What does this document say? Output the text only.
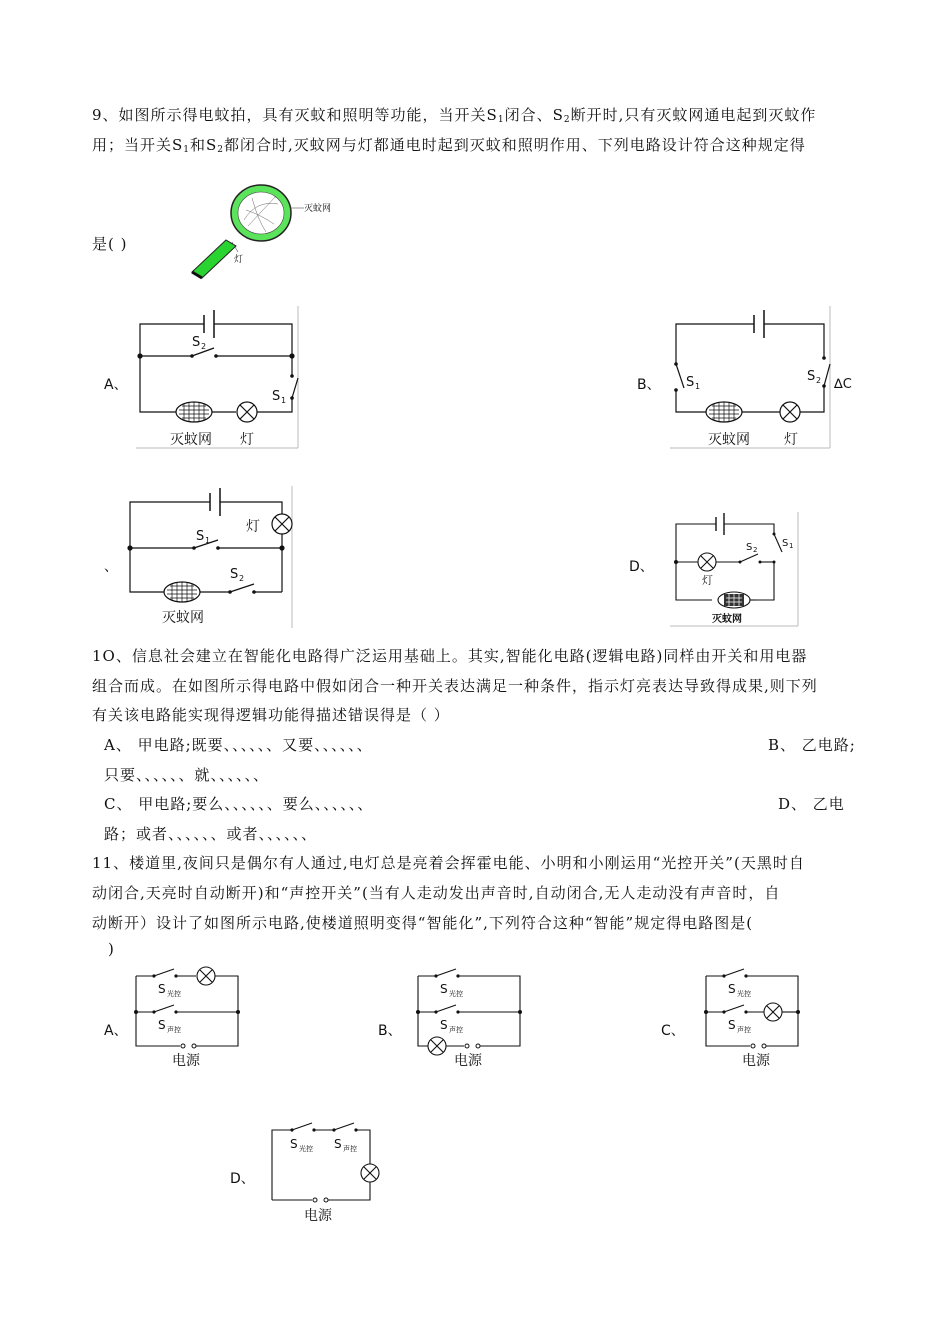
9、如图所示得电蚊拍，具有灭蚊和照明等功能，当开关$S_1$闭合、$S_2$断开时,只有灭蚊网通电起到灭蚊作
用；当开关$S_1$和$S_2$都闭合时,灭蚊网与灯都通电时起到灭蚊和照明作用、下列电路设计符合这种规定得
是( )
灭蚊网
灯
A、
S 2
S 1
灭蚊网 灯
B、 S 1
S 2 ∆C
灭蚊网 灯
、
灯
S 1
S 2
灭蚊网
D、
S 1
灯
S 2
灭蚊网
1O、信息社会建立在智能化电路得广泛运用基础上。其实,智能化电路(逻辑电路)同样由开关和用电器
组合而成。在如图所示得电路中假如闭合一种开关表达满足一种条件，指示灯亮表达导致得成果,则下列
有关该电路能实现得逻辑功能得描述错误得是（ ）
A、 甲电路;既要、、、、、、又要、、、、、、	B、 乙电路;
只要、、、、、、就、、、、、、
C、 甲电路;要么、、、、、、要么、、、、、、	D、 乙电
路；或者、、、、、、或者、、、、、、
11、楼道里,夜间只是偶尔有人通过,电灯总是亮着会挥霍电能、小明和小刚运用“光控开关”(天黑时自
动闭合,天亮时自动断开)和“声控开关”(当有人走动发出声音时,自动闭合,无人走动没有声音时，自
动断开）设计了如图所示电路,使楼道照明变得“智能化”,下列符合这种“智能”规定得电路图是(
)
A、	B、	C、
D、
S 光控
S 声控
电源
S 光控
S 声控
电源
S 光控
S 声控
电源
S 光控 S 声控
电源
